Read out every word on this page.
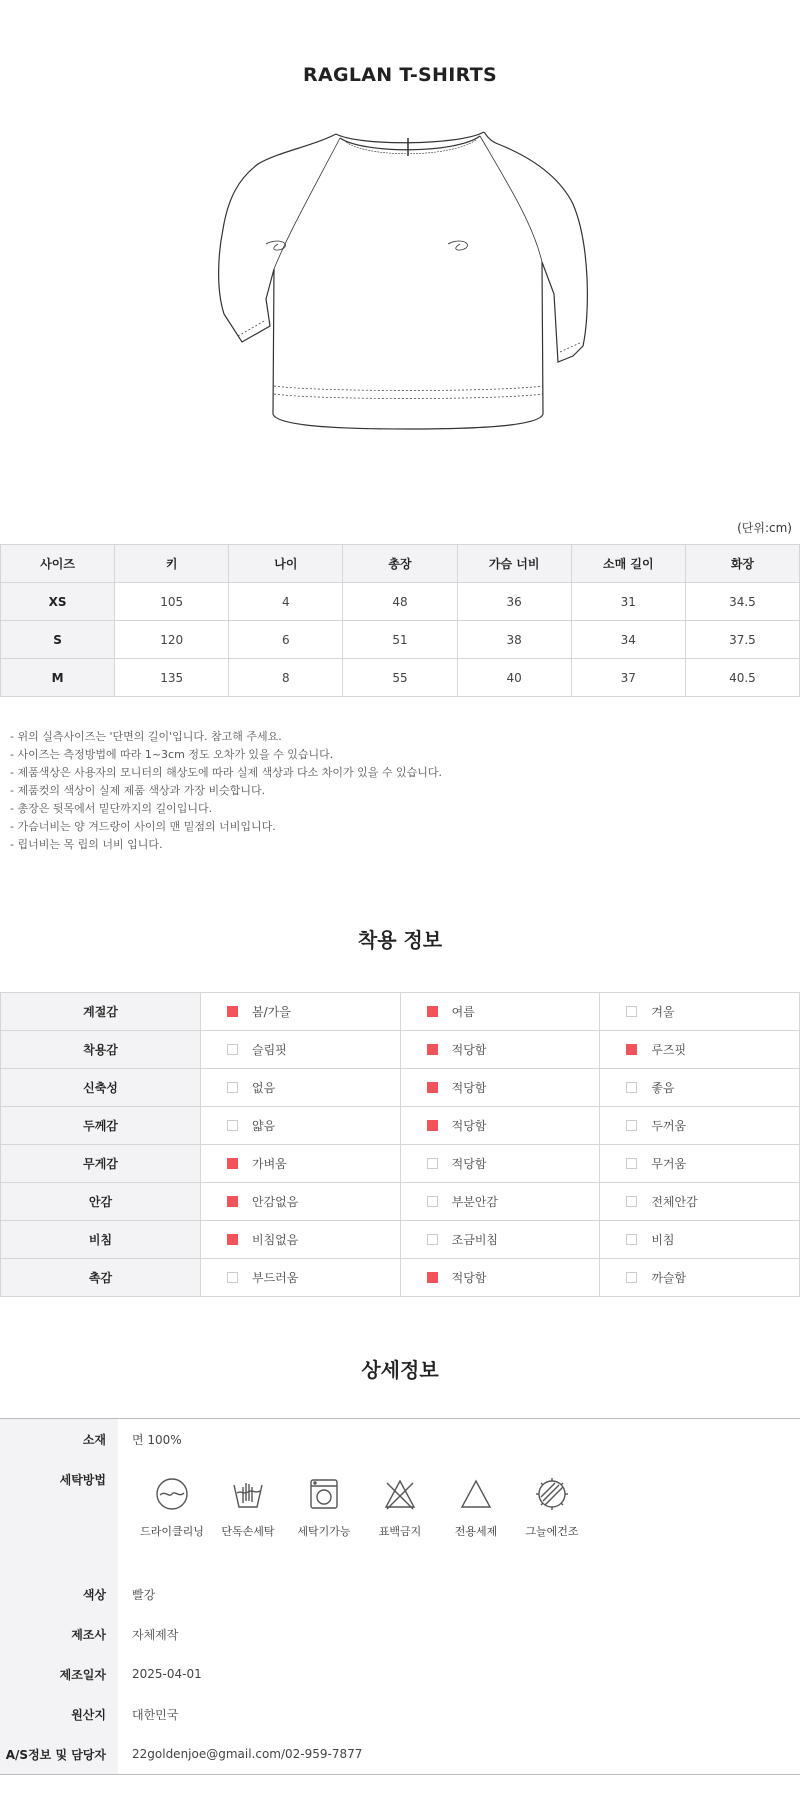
RAGLAN T-SHIRTS
(단위:cm)
사이즈	키	나이	총장	가슴 너비	소매 길이	화장
XS	105	4	48	36	31	34.5
S	120	6	51	38	34	37.5
M	135	8	55	40	37	40.5
- 위의 실측사이즈는 '단면의 길이'입니다. 참고해 주세요.
- 사이즈는 측정방법에 따라 1~3cm 정도 오차가 있을 수 있습니다.
- 제품색상은 사용자의 모니터의 해상도에 따라 실제 색상과 다소 차이가 있을 수 있습니다.
- 제품컷의 색상이 실제 제품 색상과 가장 비슷합니다.
- 총장은 뒷목에서 밑단까지의 길이입니다.
- 가슴너비는 양 겨드랑이 사이의 맨 밑점의 너비입니다.
- 립너비는 목 립의 너비 입니다.
착용 정보
계절감	봄/가을	여름	겨울
착용감	슬림핏	적당함	루즈핏
신축성	없음	적당함	좋음
두께감	얇음	적당함	두꺼움
무게감	가벼움	적당함	무거움
안감	안감없음	부분안감	전체안감
비침	비침없음	조금비침	비침
촉감	부드러움	적당함	까슬함
상세정보
소재	면 100%
세탁방법
드라이클리닝	단독손세탁	세탁기가능	표백금지	전용세제	그늘에건조
색상	빨강
제조사	자체제작
제조일자	2025-04-01
원산지	대한민국
A/S정보 및 담당자	22goldenjoe@gmail.com/02-959-7877
